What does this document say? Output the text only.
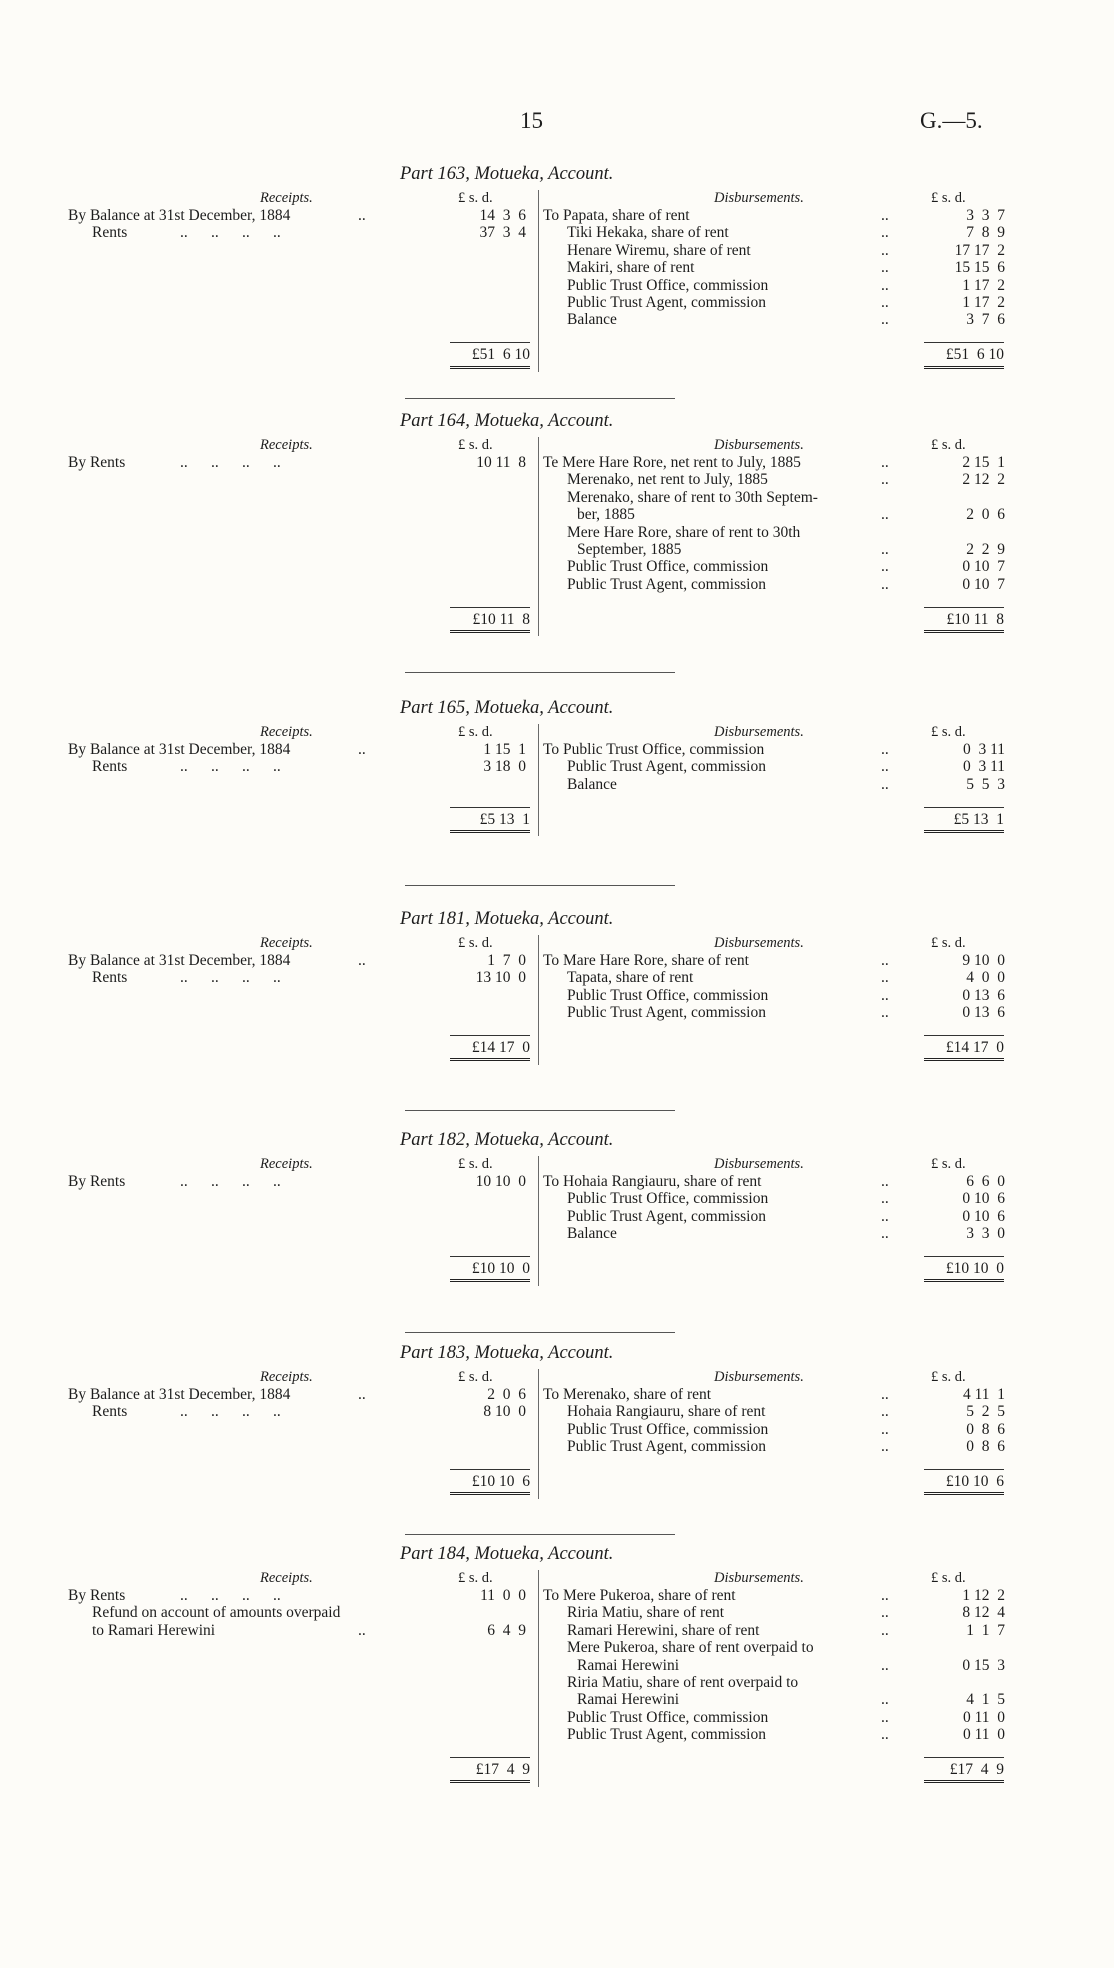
15	G.—5.
Part 163, Motueka, Account.
Receipts.	Disbursements.
£ s. d.	£ s. d.
By Balance at 31st December, 1884	..	14  3  6
Rents	..      ..      ..      ..	37  3  4
To Papata, share of rent	..	3  3  7
Tiki Hekaka, share of rent	..	7  8  9
Henare Wiremu, share of rent	..	17 17  2
Makiri, share of rent	..	15 15  6
Public Trust Office, commission	..	1 17  2
Public Trust Agent, commission	..	1 17  2
Balance	..	3  7  6
£51  6 10	£51  6 10
Part 164, Motueka, Account.
Receipts.	Disbursements.
£ s. d.	£ s. d.
By Rents	..      ..      ..      ..	10 11  8 Te Mere Hare Rore, net rent to July, 1885	..	2 15  1
Merenako, net rent to July, 1885	..	2 12  2
Merenako, share of rent to 30th Septem-
ber, 1885	..	2  0  6
Mere Hare Rore, share of rent to 30th
September, 1885	..	2  2  9
Public Trust Office, commission	..	0 10  7
Public Trust Agent, commission	..	0 10  7
£10 11  8	£10 11  8
Part 165, Motueka, Account.
Receipts.	Disbursements.
£ s. d.	£ s. d.
By Balance at 31st December, 1884	..	1 15  1
Rents	..      ..      ..      ..	3 18  0
To Public Trust Office, commission	..	0  3 11
Public Trust Agent, commission	..	0  3 11
Balance	..	5  5  3
£5 13  1	£5 13  1
Part 181, Motueka, Account.
Receipts.	Disbursements.
£ s. d.	£ s. d.
By Balance at 31st December, 1884	..	1  7  0
Rents	..      ..      ..      ..	13 10  0
To Mare Hare Rore, share of rent	..	9 10  0
Tapata, share of rent	..	4  0  0
Public Trust Office, commission	..	0 13  6
Public Trust Agent, commission	..	0 13  6
£14 17  0	£14 17  0
Part 182, Motueka, Account.
Receipts.	Disbursements.
£ s. d.	£ s. d.
By Rents	..      ..      ..      ..	10 10  0 To Hohaia Rangiauru, share of rent	..	6  6  0
Public Trust Office, commission	..	0 10  6
Public Trust Agent, commission	..	0 10  6
Balance	..	3  3  0
£10 10  0	£10 10  0
Part 183, Motueka, Account.
Receipts.	Disbursements.
£ s. d.	£ s. d.
By Balance at 31st December, 1884	..	2  0  6
Rents	..      ..      ..      ..	8 10  0
To Merenako, share of rent	..	4 11  1
Hohaia Rangiauru, share of rent	..	5  2  5
Public Trust Office, commission	..	0  8  6
Public Trust Agent, commission	..	0  8  6
£10 10  6	£10 10  6
Part 184, Motueka, Account.
Receipts.	Disbursements.
£ s. d.	£ s. d.
By Rents	..      ..      ..      ..	11  0  0
Refund on account of amounts overpaid
to Ramari Herewini	..	6  4  9
To Mere Pukeroa, share of rent	..	1 12  2
Riria Matiu, share of rent	..	8 12  4
Ramari Herewini, share of rent	..	1  1  7
Mere Pukeroa, share of rent overpaid to
Ramai Herewini	..	0 15  3
Riria Matiu, share of rent overpaid to
Ramai Herewini	..	4  1  5
Public Trust Office, commission	..	0 11  0
Public Trust Agent, commission	..	0 11  0
£17  4  9	£17  4  9
